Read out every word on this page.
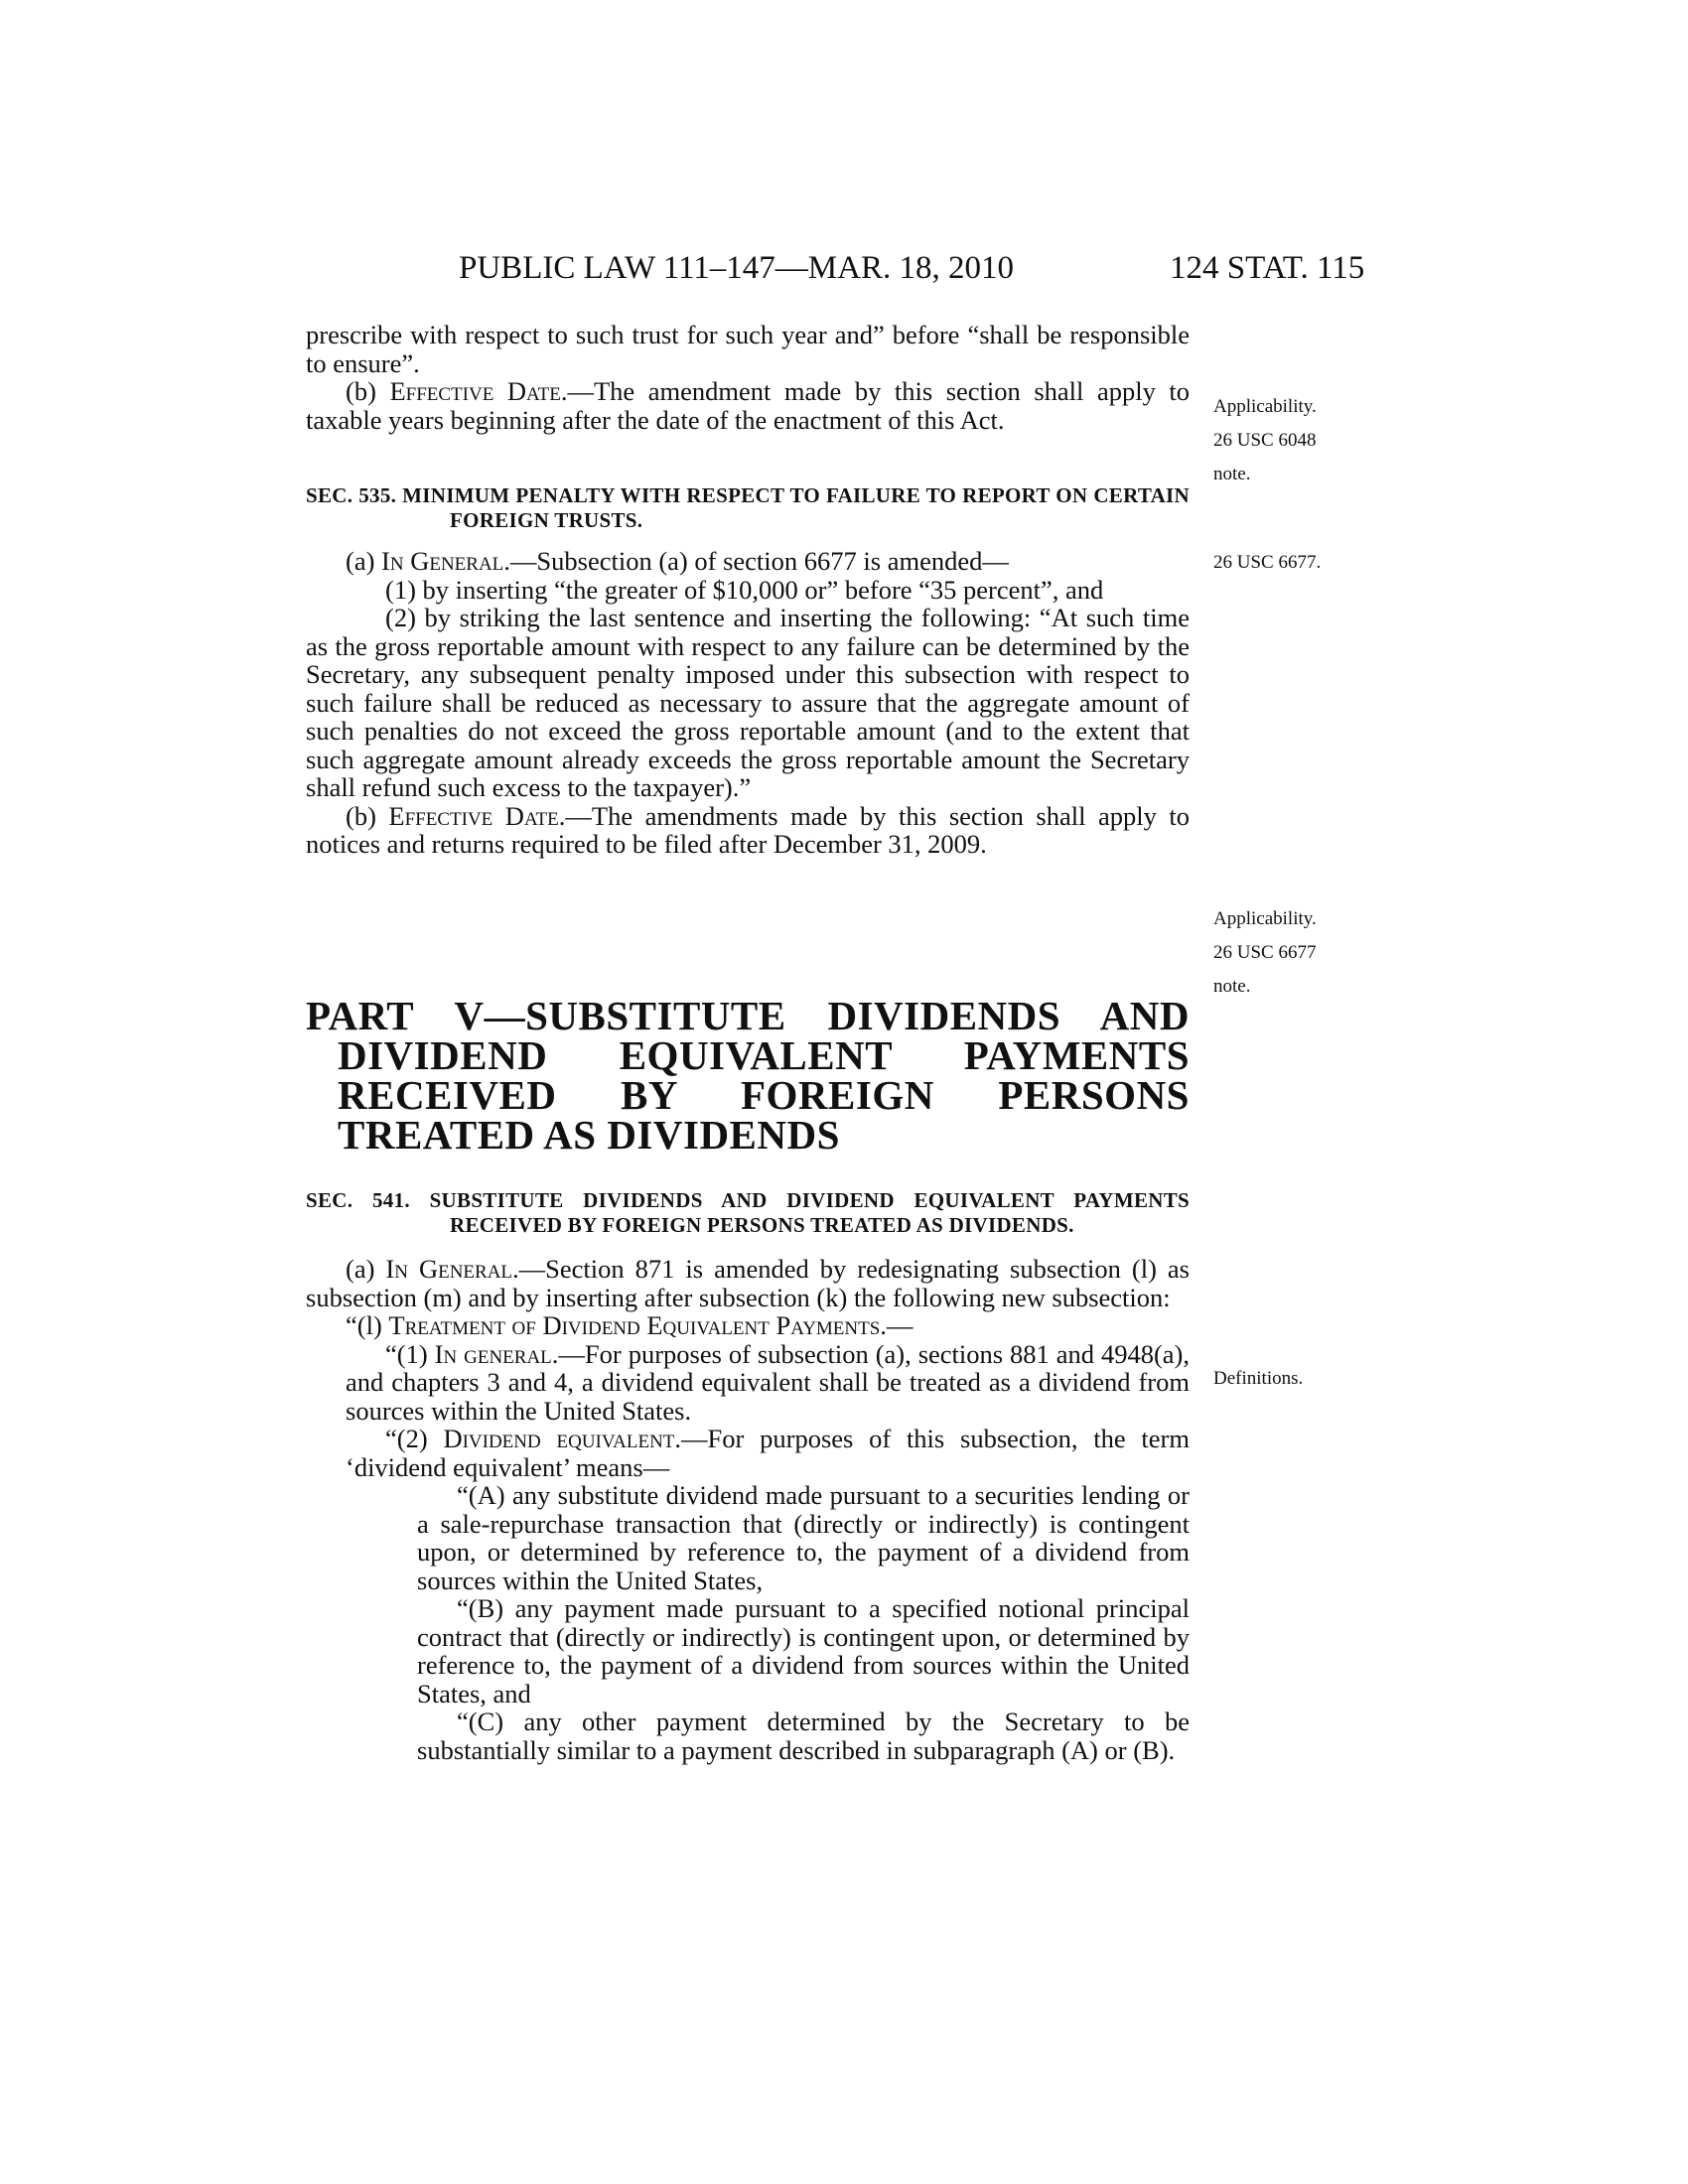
PUBLIC LAW 111–147—MAR. 18, 2010	124 STAT. 115

prescribe with respect to such trust for such year and” before “shall be responsible to ensure”.

(b) Effective Date.—The amendment made by this section shall apply to taxable years beginning after the date of the enactment of this Act.

SEC. 535. MINIMUM PENALTY WITH RESPECT TO FAILURE TO REPORT ON CERTAIN FOREIGN TRUSTS.

(a) In General.—Subsection (a) of section 6677 is amended—

(1) by inserting “the greater of $10,000 or” before “35 percent”, and

(2) by striking the last sentence and inserting the following: “At such time as the gross reportable amount with respect to any failure can be determined by the Secretary, any subsequent penalty imposed under this subsection with respect to such failure shall be reduced as necessary to assure that the aggregate amount of such penalties do not exceed the gross reportable amount (and to the extent that such aggregate amount already exceeds the gross reportable amount the Secretary shall refund such excess to the taxpayer).”

(b) Effective Date.—The amendments made by this section shall apply to notices and returns required to be filed after December 31, 2009.

PART V—SUBSTITUTE DIVIDENDS AND DIVIDEND EQUIVALENT PAYMENTS RECEIVED BY FOREIGN PERSONS TREATED AS DIVIDENDS

SEC. 541. SUBSTITUTE DIVIDENDS AND DIVIDEND EQUIVALENT PAYMENTS RECEIVED BY FOREIGN PERSONS TREATED AS DIVIDENDS.

(a) In General.—Section 871 is amended by redesignating subsection (l) as subsection (m) and by inserting after subsection (k) the following new subsection:

“(l) Treatment of Dividend Equivalent Payments.—

“(1) In general.—For purposes of subsection (a), sections 881 and 4948(a), and chapters 3 and 4, a dividend equivalent shall be treated as a dividend from sources within the United States.

“(2) Dividend equivalent.—For purposes of this subsection, the term ‘dividend equivalent’ means—

“(A) any substitute dividend made pursuant to a securities lending or a sale-repurchase transaction that (directly or indirectly) is contingent upon, or determined by reference to, the payment of a dividend from sources within the United States,

“(B) any payment made pursuant to a specified notional principal contract that (directly or indirectly) is contingent upon, or determined by reference to, the payment of a dividend from sources within the United States, and

“(C) any other payment determined by the Secretary to be substantially similar to a payment described in subparagraph (A) or (B).

Applicability.

26 USC 6048

note.

26 USC 6677.

Applicability.

26 USC 6677

note.

Definitions.
